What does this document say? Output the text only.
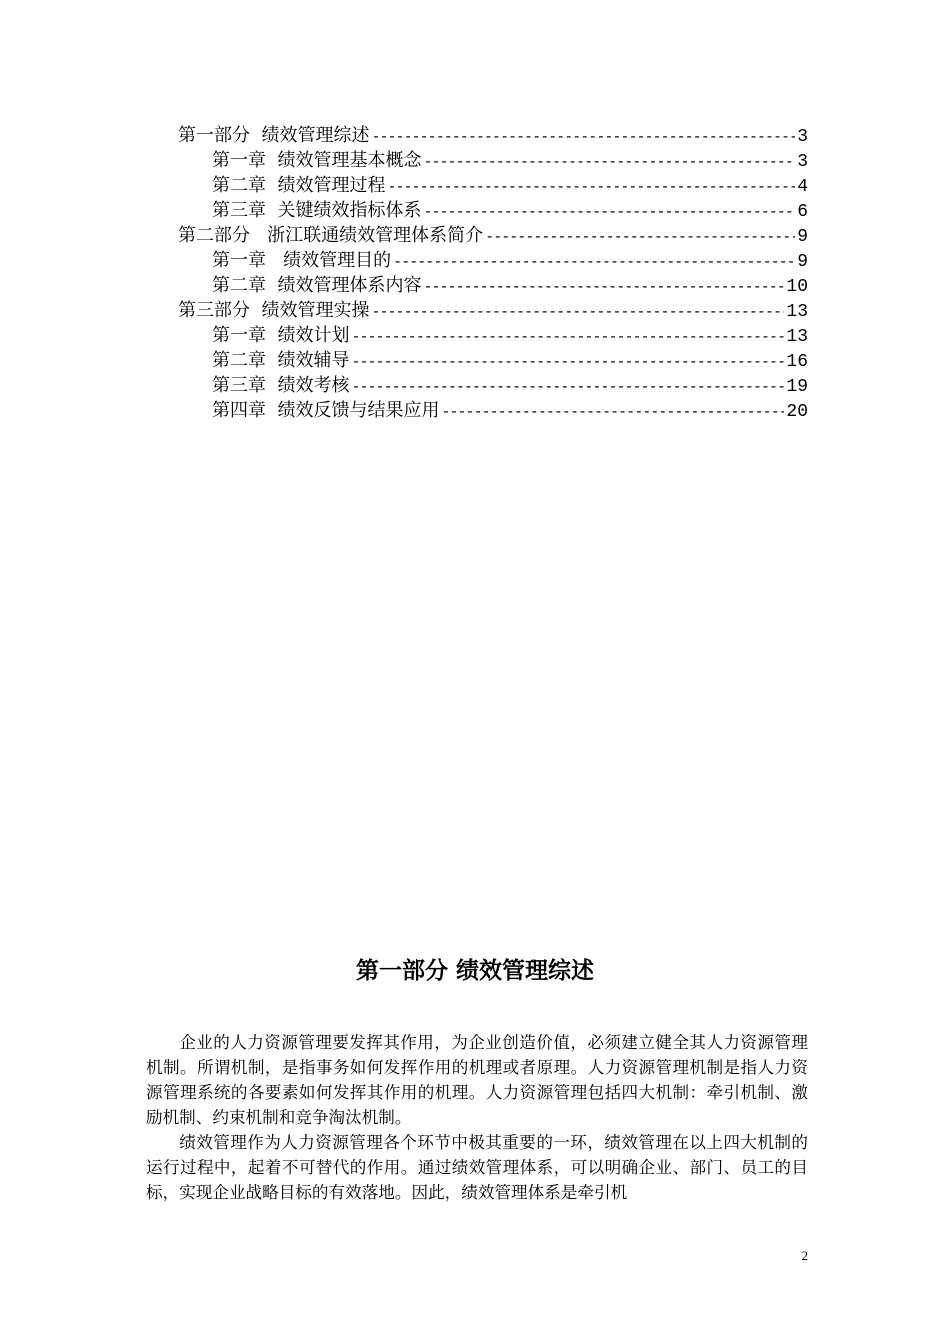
第一部分  绩效管理综述 -----	3
第一章  绩效管理基本概念 -----	3
第二章  绩效管理过程 -----	4
第三章  关键绩效指标体系 -----	6
第二部分   浙江联通绩效管理体系简介 -----	9
第一章   绩效管理目的 -----	9
第二章  绩效管理体系内容 -----	10
第三部分  绩效管理实操 -----	13
第一章  绩效计划 -----	13
第二章  绩效辅导 -----	16
第三章  绩效考核 -----	19
第四章  绩效反馈与结果应用 -----	20
第一部分 绩效管理综述

企业的人力资源管理要发挥其作用，为企业创造价值，必须建立健全其人力资源管理机制。所谓机制，是指事务如何发挥作用的机理或者原理。人力资源管理机制是指人力资源管理系统的各要素如何发挥其作用的机理。人力资源管理包括四大机制：牵引机制、激励机制、约束机制和竞争淘汰机制。

绩效管理作为人力资源管理各个环节中极其重要的一环，绩效管理在以上四大机制的运行过程中，起着不可替代的作用。通过绩效管理体系，可以明确企业、部门、员工的目标，实现企业战略目标的有效落地。因此，绩效管理体系是牵引机

2
